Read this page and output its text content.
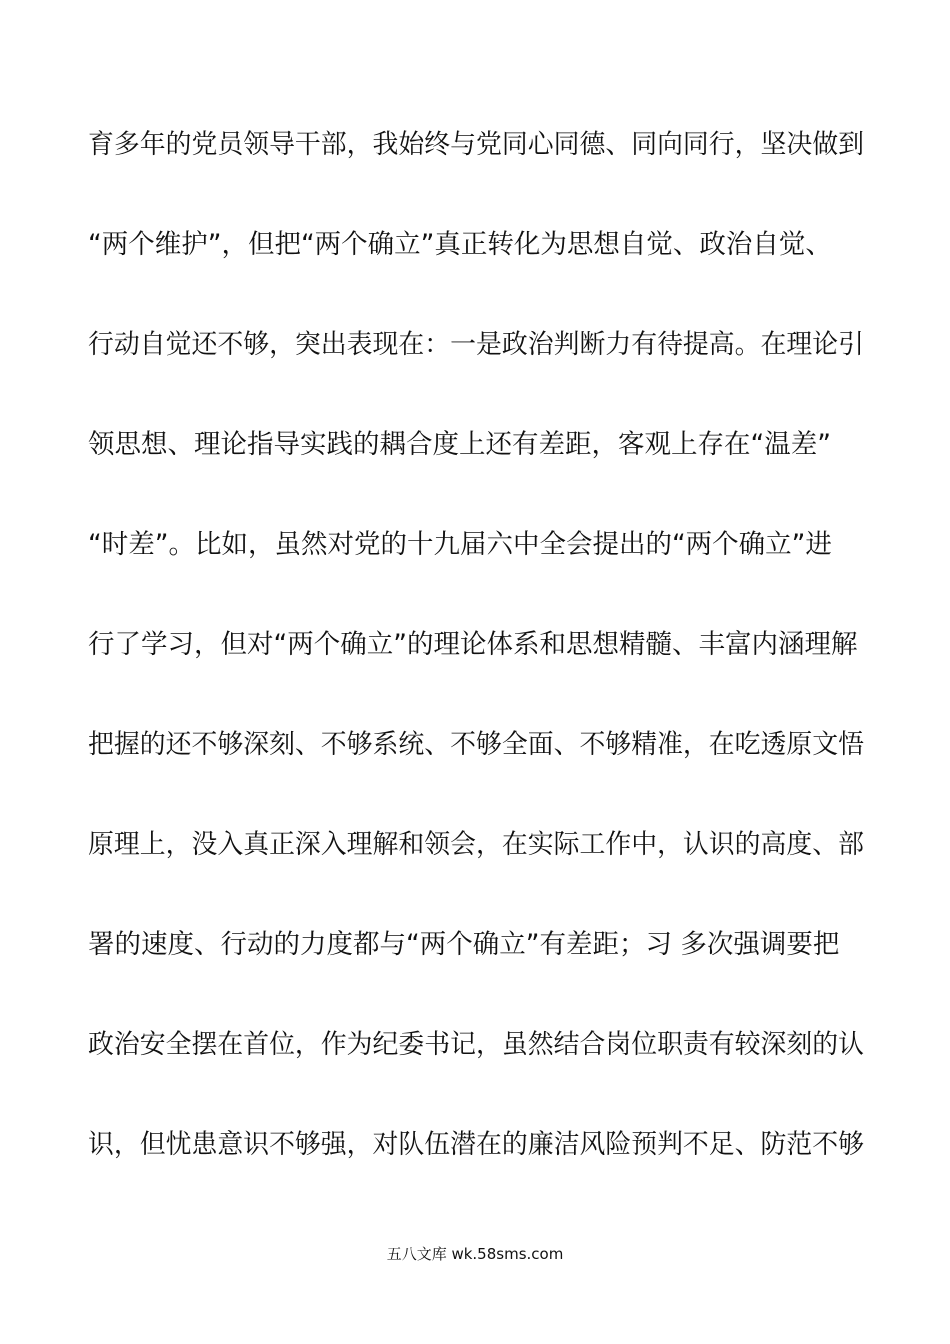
育多年的党员领导干部，我始终与党同心同德、同向同行，坚决做到
“两个维护”，但把“两个确立”真正转化为思想自觉、政治自觉、
行动自觉还不够，突出表现在：一是政治判断力有待提高。在理论引
领思想、理论指导实践的耦合度上还有差距，客观上存在“温差”
“时差”。比如，虽然对党的十九届六中全会提出的“两个确立”进
行了学习，但对“两个确立”的理论体系和思想精髓、丰富内涵理解
把握的还不够深刻、不够系统、不够全面、不够精准，在吃透原文悟
原理上，没入真正深入理解和领会，在实际工作中，认识的高度、部
署的速度、行动的力度都与“两个确立”有差距；习 多次强调要把
政治安全摆在首位，作为纪委书记，虽然结合岗位职责有较深刻的认
识，但忧患意识不够强，对队伍潜在的廉洁风险预判不足、防范不够
五八文库 wk.58sms.com
